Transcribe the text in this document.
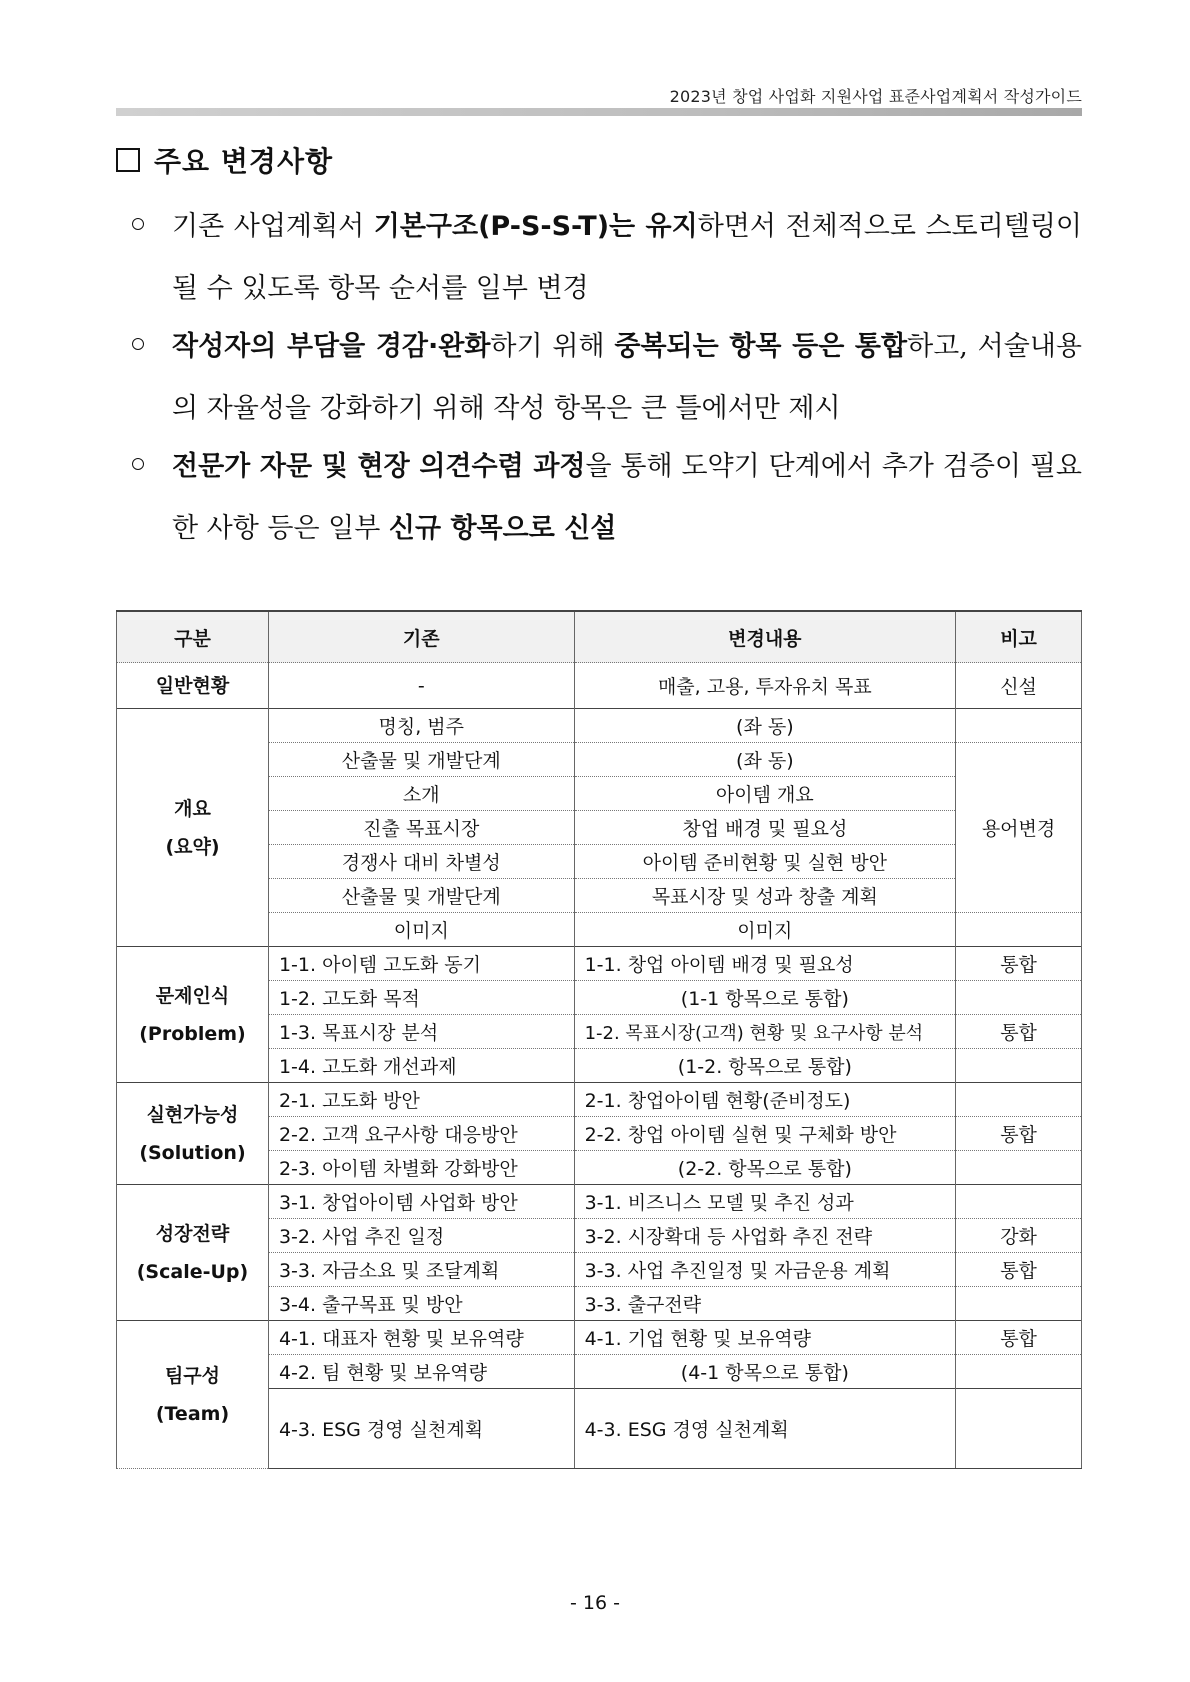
2023년 창업 사업화 지원사업 표준사업계획서 작성가이드
주요 변경사항
기존 사업계획서 기본구조(P-S-S-T)는 유지하면서 전체적으로 스토리텔링이 될 수 있도록 항목 순서를 일부 변경
작성자의 부담을 경감·완화하기 위해 중복되는 항목 등은 통합하고, 서술내용의 자율성을 강화하기 위해 작성 항목은 큰 틀에서만 제시
전문가 자문 및 현장 의견수렴 과정을 통해 도약기 단계에서 추가 검증이 필요한 사항 등은 일부 신규 항목으로 신설
구분	기존	변경내용	비고
일반현황	-	매출, 고용, 투자유치 목표	신설
개요
(요약)	명칭, 범주	(좌 동)	
	산출물 및 개발단계	(좌 동)	용어변경
	소개	아이템 개요	
	진출 목표시장	창업 배경 및 필요성	
	경쟁사 대비 차별성	아이템 준비현황 및 실현 방안	
	산출물 및 개발단계	목표시장 및 성과 창출 계획	
	이미지	이미지	
문제인식
(Problem)	1-1. 아이템 고도화 동기	1-1. 창업 아이템 배경 및 필요성	통합
	1-2. 고도화 목적	(1-1 항목으로 통합)	
	1-3. 목표시장 분석	1-2. 목표시장(고객) 현황 및 요구사항 분석	통합
	1-4. 고도화 개선과제	(1-2. 항목으로 통합)	
실현가능성
(Solution)	2-1. 고도화 방안	2-1. 창업아이템 현황(준비정도)	
	2-2. 고객 요구사항 대응방안	2-2. 창업 아이템 실현 및 구체화 방안	통합
	2-3. 아이템 차별화 강화방안	(2-2. 항목으로 통합)	
성장전략
(Scale-Up)	3-1. 창업아이템 사업화 방안	3-1. 비즈니스 모델 및 추진 성과	
	3-2. 사업 추진 일정	3-2. 시장확대 등 사업화 추진 전략	강화
	3-3. 자금소요 및 조달계획	3-3. 사업 추진일정 및 자금운용 계획	통합
	3-4. 출구목표 및 방안	3-3. 출구전략	
팀구성
(Team)	4-1. 대표자 현황 및 보유역량	4-1. 기업 현황 및 보유역량	통합
	4-2. 팀 현황 및 보유역량	(4-1 항목으로 통합)	
	4-3. ESG 경영 실천계획	4-3. ESG 경영 실천계획	
- 16 -
